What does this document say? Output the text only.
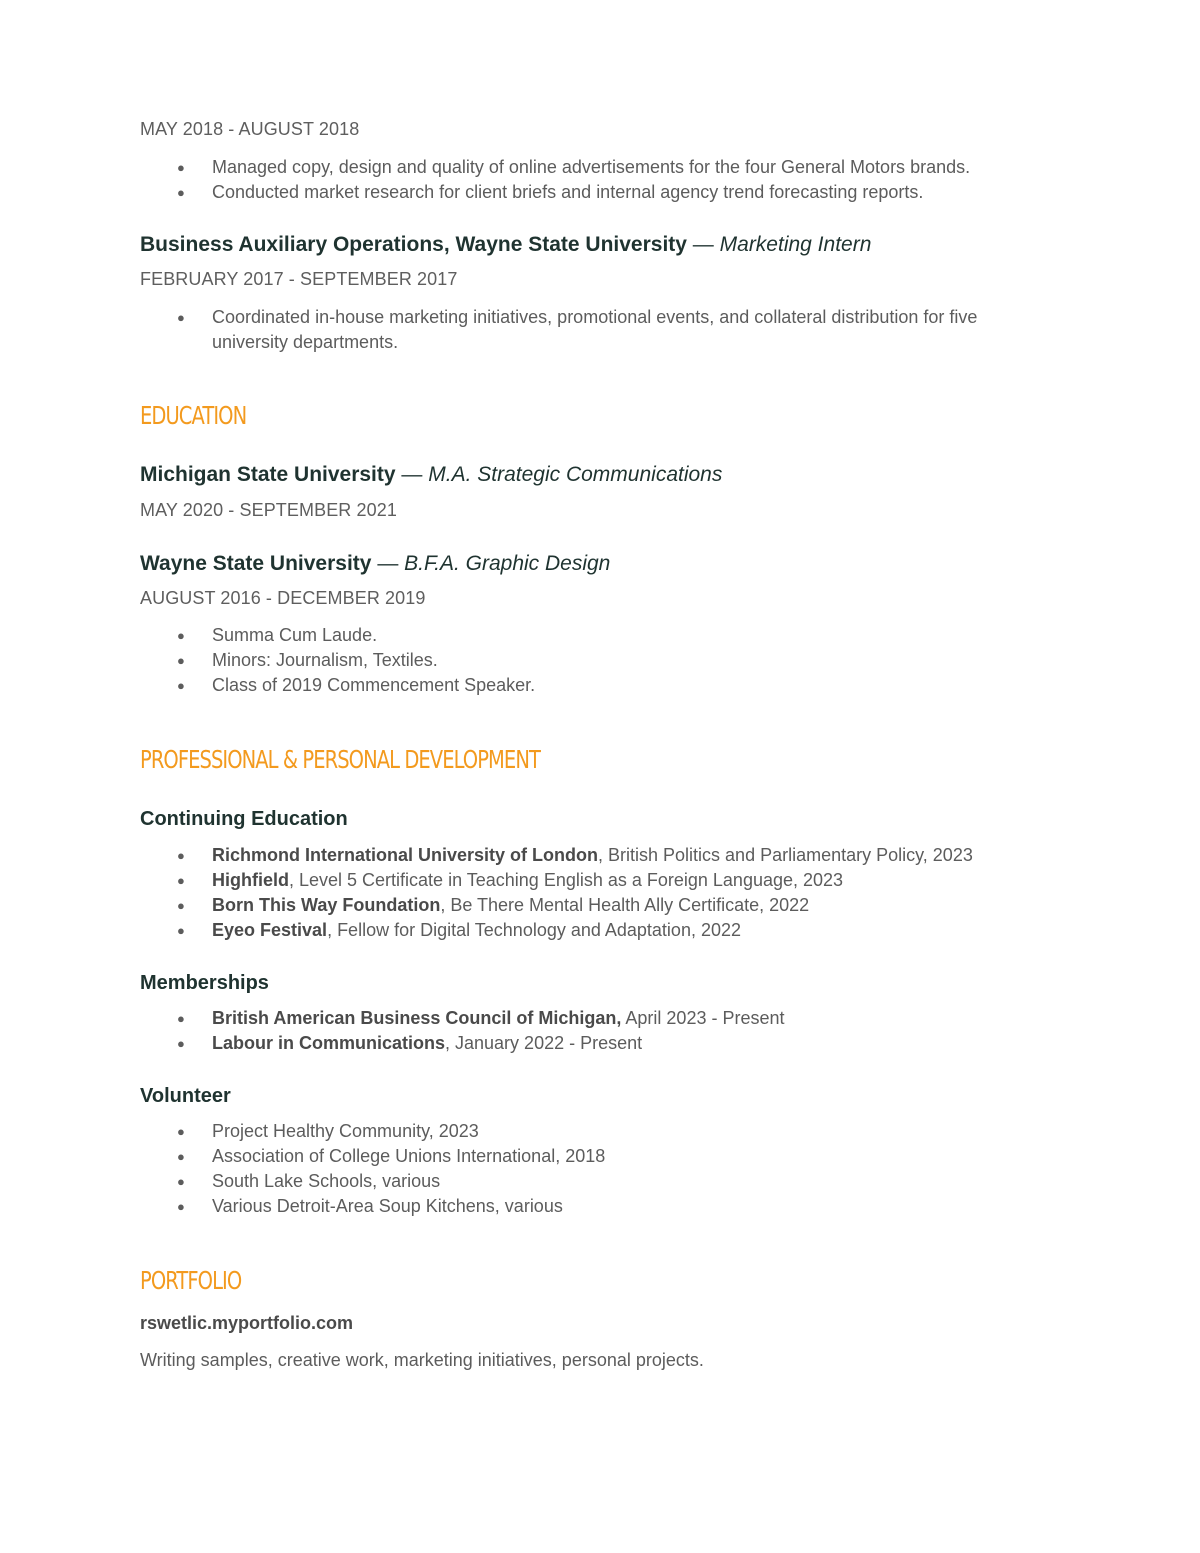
MAY 2018 - AUGUST 2018
● Managed copy, design and quality of online advertisements for the four General Motors brands.
● Conducted market research for client briefs and internal agency trend forecasting reports.
Business Auxiliary Operations, Wayne State University — Marketing Intern
FEBRUARY 2017 - SEPTEMBER 2017
● Coordinated in-house marketing initiatives, promotional events, and collateral distribution for five university departments.
EDUCATION
Michigan State University — M.A. Strategic Communications
MAY 2020 - SEPTEMBER 2021
Wayne State University — B.F.A. Graphic Design
AUGUST 2016 - DECEMBER 2019
● Summa Cum Laude.
● Minors: Journalism, Textiles.
● Class of 2019 Commencement Speaker.
PROFESSIONAL & PERSONAL DEVELOPMENT
Continuing Education
● Richmond International University of London, British Politics and Parliamentary Policy, 2023
● Highfield, Level 5 Certificate in Teaching English as a Foreign Language, 2023
● Born This Way Foundation, Be There Mental Health Ally Certificate, 2022
● Eyeo Festival, Fellow for Digital Technology and Adaptation, 2022
Memberships
● British American Business Council of Michigan, April 2023 - Present
● Labour in Communications, January 2022 - Present
Volunteer
● Project Healthy Community, 2023
● Association of College Unions International, 2018
● South Lake Schools, various
● Various Detroit-Area Soup Kitchens, various
PORTFOLIO
rswetlic.myportfolio.com
Writing samples, creative work, marketing initiatives, personal projects.
